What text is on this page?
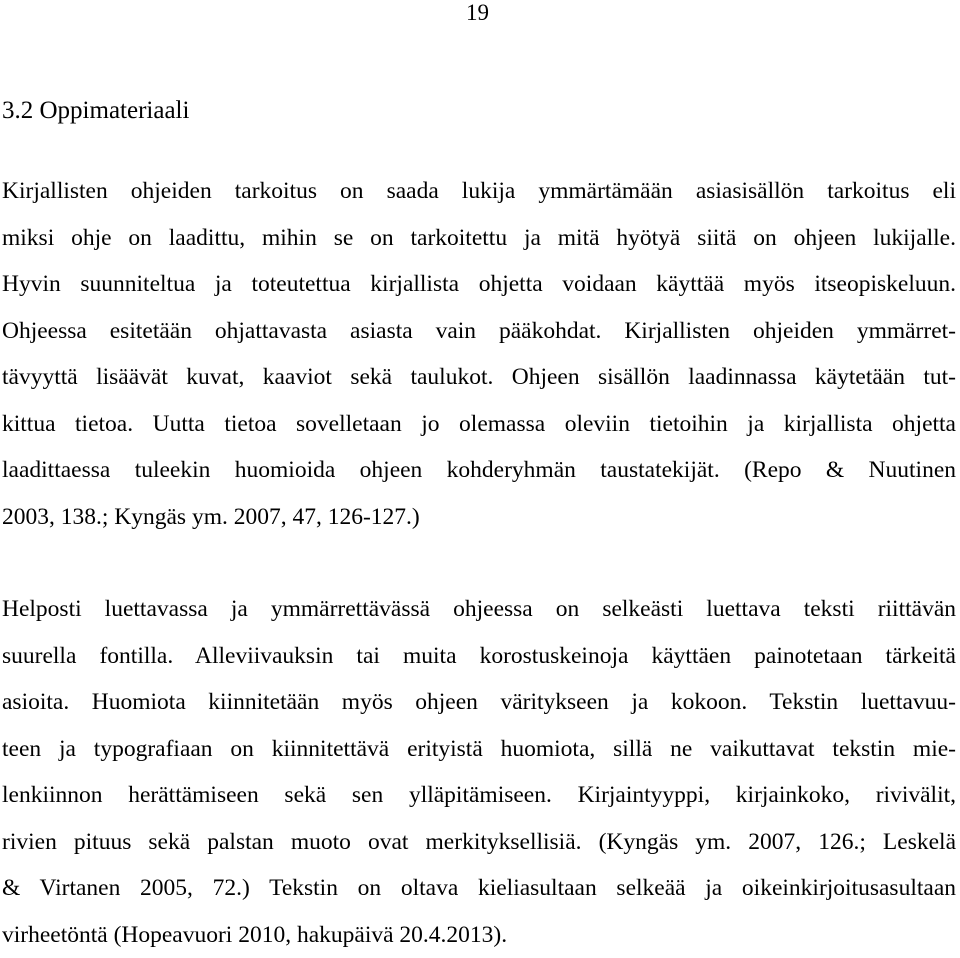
19
3.2 Oppimateriaali
Kirjallisten ohjeiden tarkoitus on saada lukija ymmärtämään asiasisällön tarkoitus eli
miksi ohje on laadittu, mihin se on tarkoitettu ja mitä hyötyä siitä on ohjeen lukijalle.
Hyvin suunniteltua ja toteutettua kirjallista ohjetta voidaan käyttää myös itseopiskeluun.
Ohjeessa esitetään ohjattavasta asiasta vain pääkohdat. Kirjallisten ohjeiden ymmärret-
tävyyttä lisäävät kuvat, kaaviot sekä taulukot. Ohjeen sisällön laadinnassa käytetään tut-
kittua tietoa. Uutta tietoa sovelletaan jo olemassa oleviin tietoihin ja kirjallista ohjetta
laadittaessa tuleekin huomioida ohjeen kohderyhmän taustatekijät. (Repo & Nuutinen
2003, 138.; Kyngäs ym. 2007, 47, 126-127.)
Helposti luettavassa ja ymmärrettävässä ohjeessa on selkeästi luettava teksti riittävän
suurella fontilla. Alleviivauksin tai muita korostuskeinoja käyttäen painotetaan tärkeitä
asioita. Huomiota kiinnitetään myös ohjeen väritykseen ja kokoon. Tekstin luettavuu-
teen ja typografiaan on kiinnitettävä erityistä huomiota, sillä ne vaikuttavat tekstin mie-
lenkiinnon herättämiseen sekä sen ylläpitämiseen. Kirjaintyyppi, kirjainkoko, rivivälit,
rivien pituus sekä palstan muoto ovat merkityksellisiä. (Kyngäs ym. 2007, 126.; Leskelä
& Virtanen 2005, 72.) Tekstin on oltava kieliasultaan selkeää ja oikeinkirjoitusasultaan
virheetöntä (Hopeavuori 2010, hakupäivä 20.4.2013).
